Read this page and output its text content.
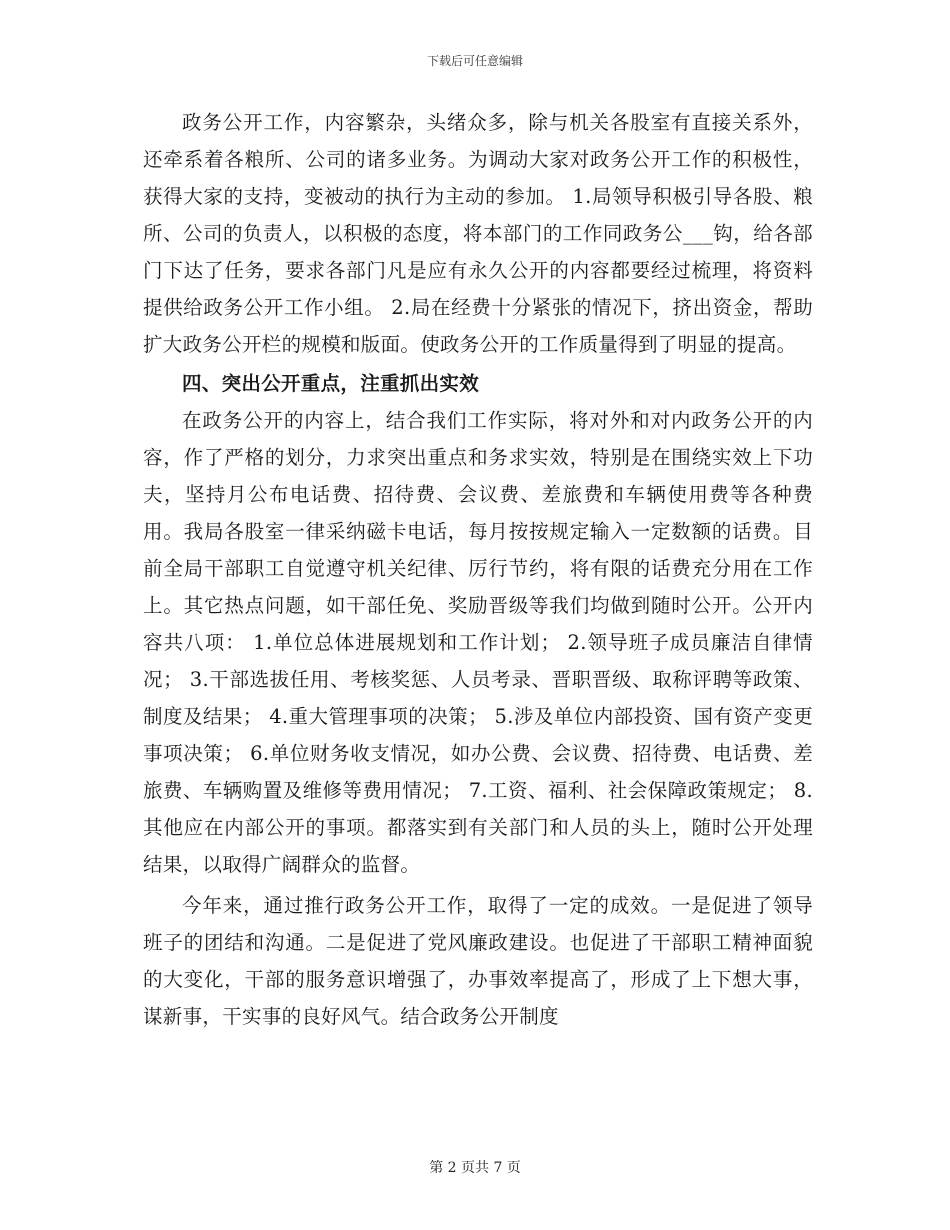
下载后可任意编辑

政务公开工作，内容繁杂，头绪众多，除与机关各股室有直接关系外，还牵系着各粮所、公司的诸多业务。为调动大家对政务公开工作的积极性，获得大家的支持，变被动的执行为主动的参加。 1.局领导积极引导各股、粮所、公司的负责人，以积极的态度，将本部门的工作同政务公___钩，给各部门下达了任务，要求各部门凡是应有永久公开的内容都要经过梳理，将资料提供给政务公开工作小组。 2.局在经费十分紧张的情况下，挤出资金，帮助扩大政务公开栏的规模和版面。使政务公开的工作质量得到了明显的提高。

四、突出公开重点，注重抓出实效

在政务公开的内容上，结合我们工作实际，将对外和对内政务公开的内容，作了严格的划分，力求突出重点和务求实效，特别是在围绕实效上下功夫，坚持月公布电话费、招待费、会议费、差旅费和车辆使用费等各种费用。我局各股室一律采纳磁卡电话，每月按按规定输入一定数额的话费。目前全局干部职工自觉遵守机关纪律、厉行节约，将有限的话费充分用在工作上。其它热点问题，如干部任免、奖励晋级等我们均做到随时公开。公开内容共八项： 1.单位总体进展规划和工作计划； 2.领导班子成员廉洁自律情况； 3.干部选拔任用、考核奖惩、人员考录、晋职晋级、取称评聘等政策、制度及结果； 4.重大管理事项的决策； 5.涉及单位内部投资、国有资产变更事项决策； 6.单位财务收支情况，如办公费、会议费、招待费、电话费、差旅费、车辆购置及维修等费用情况； 7.工资、福利、社会保障政策规定； 8.其他应在内部公开的事项。都落实到有关部门和人员的头上，随时公开处理结果，以取得广阔群众的监督。

今年来，通过推行政务公开工作，取得了一定的成效。一是促进了领导班子的团结和沟通。二是促进了党风廉政建设。也促进了干部职工精神面貌的大变化，干部的服务意识增强了，办事效率提高了，形成了上下想大事，谋新事，干实事的良好风气。结合政务公开制度

第 2 页共 7 页
